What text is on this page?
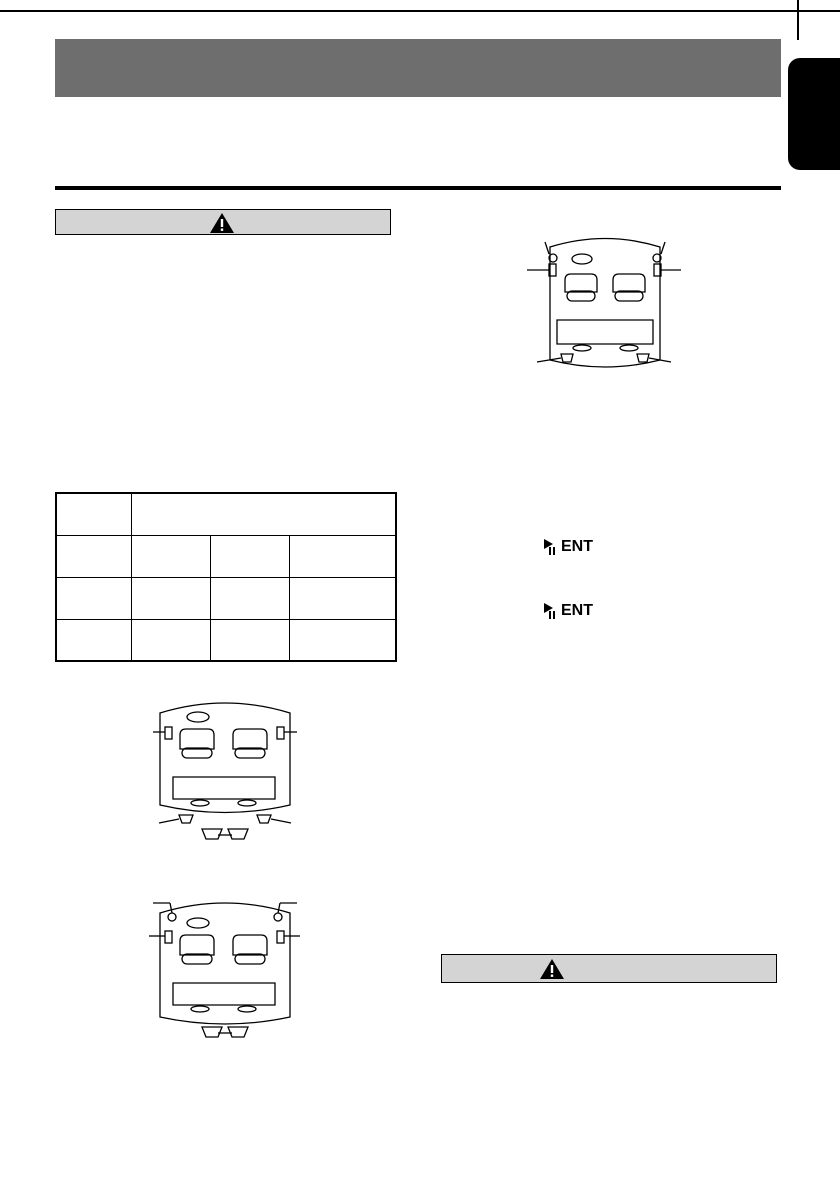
ENT
ENT
